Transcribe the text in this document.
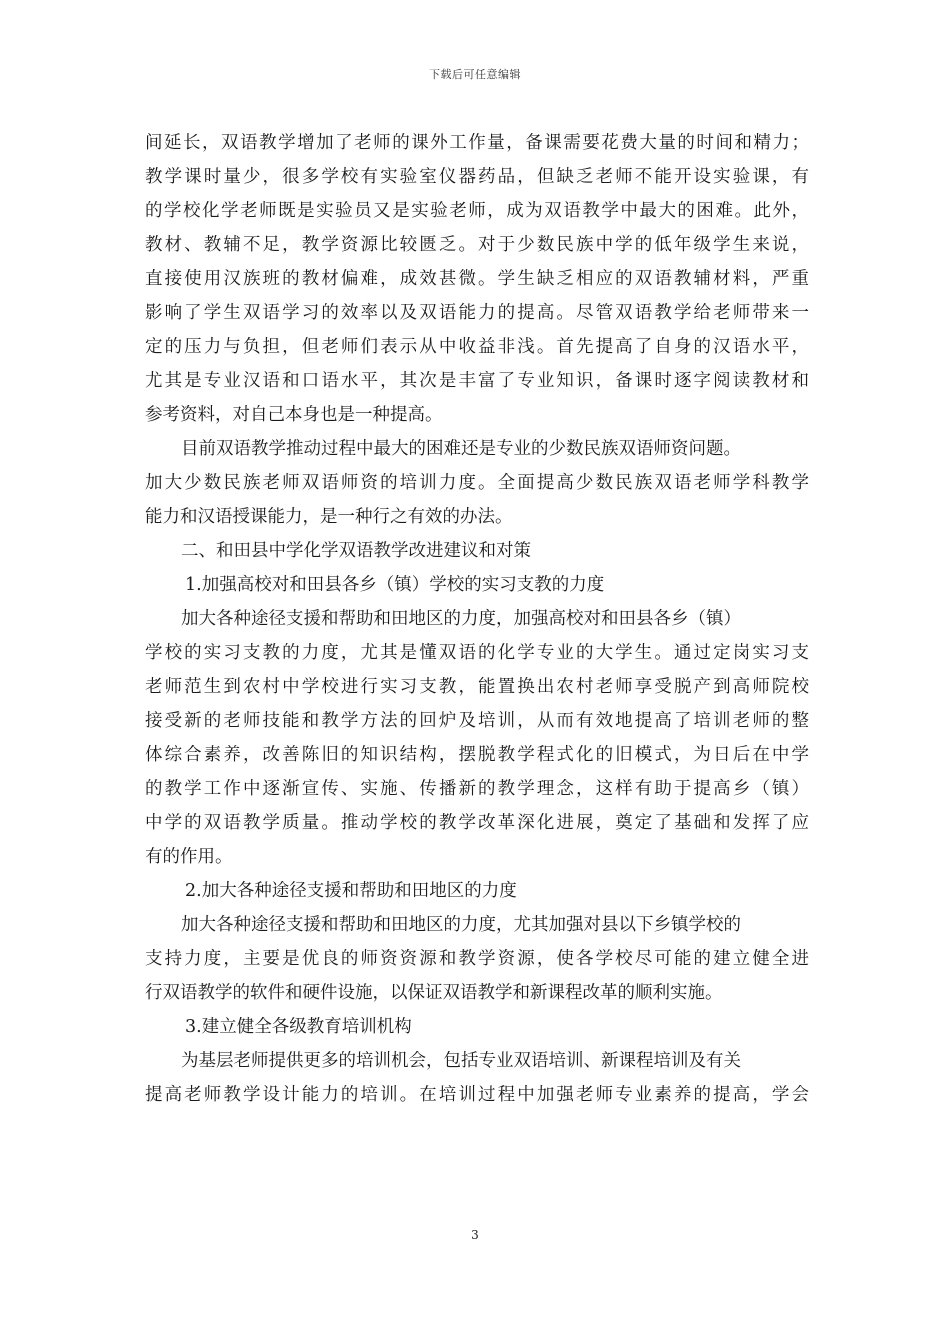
下载后可任意编辑
间延长，双语教学增加了老师的课外工作量，备课需要花费大量的时间和精力；
教学课时量少，很多学校有实验室仪器药品，但缺乏老师不能开设实验课，有
的学校化学老师既是实验员又是实验老师，成为双语教学中最大的困难。此外，
教材、教辅不足，教学资源比较匮乏。对于少数民族中学的低年级学生来说，
直接使用汉族班的教材偏难，成效甚微。学生缺乏相应的双语教辅材料，严重
影响了学生双语学习的效率以及双语能力的提高。尽管双语教学给老师带来一
定的压力与负担，但老师们表示从中收益非浅。首先提高了自身的汉语水平，
尤其是专业汉语和口语水平，其次是丰富了专业知识，备课时逐字阅读教材和
参考资料，对自己本身也是一种提高。
目前双语教学推动过程中最大的困难还是专业的少数民族双语师资问题。
加大少数民族老师双语师资的培训力度。全面提高少数民族双语老师学科教学
能力和汉语授课能力，是一种行之有效的办法。
二、和田县中学化学双语教学改进建议和对策
1.加强高校对和田县各乡（镇）学校的实习支教的力度
加大各种途径支援和帮助和田地区的力度，加强高校对和田县各乡（镇）
学校的实习支教的力度，尤其是懂双语的化学专业的大学生。通过定岗实习支
老师范生到农村中学校进行实习支教，能置换出农村老师享受脱产到高师院校
接受新的老师技能和教学方法的回炉及培训，从而有效地提高了培训老师的整
体综合素养，改善陈旧的知识结构，摆脱教学程式化的旧模式，为日后在中学
的教学工作中逐渐宣传、实施、传播新的教学理念，这样有助于提高乡（镇）
中学的双语教学质量。推动学校的教学改革深化进展，奠定了基础和发挥了应
有的作用。
2.加大各种途径支援和帮助和田地区的力度
加大各种途径支援和帮助和田地区的力度，尤其加强对县以下乡镇学校的
支持力度，主要是优良的师资资源和教学资源，使各学校尽可能的建立健全进
行双语教学的软件和硬件设施，以保证双语教学和新课程改革的顺利实施。
3.建立健全各级教育培训机构
为基层老师提供更多的培训机会，包括专业双语培训、新课程培训及有关
提高老师教学设计能力的培训。在培训过程中加强老师专业素养的提高，学会
3
